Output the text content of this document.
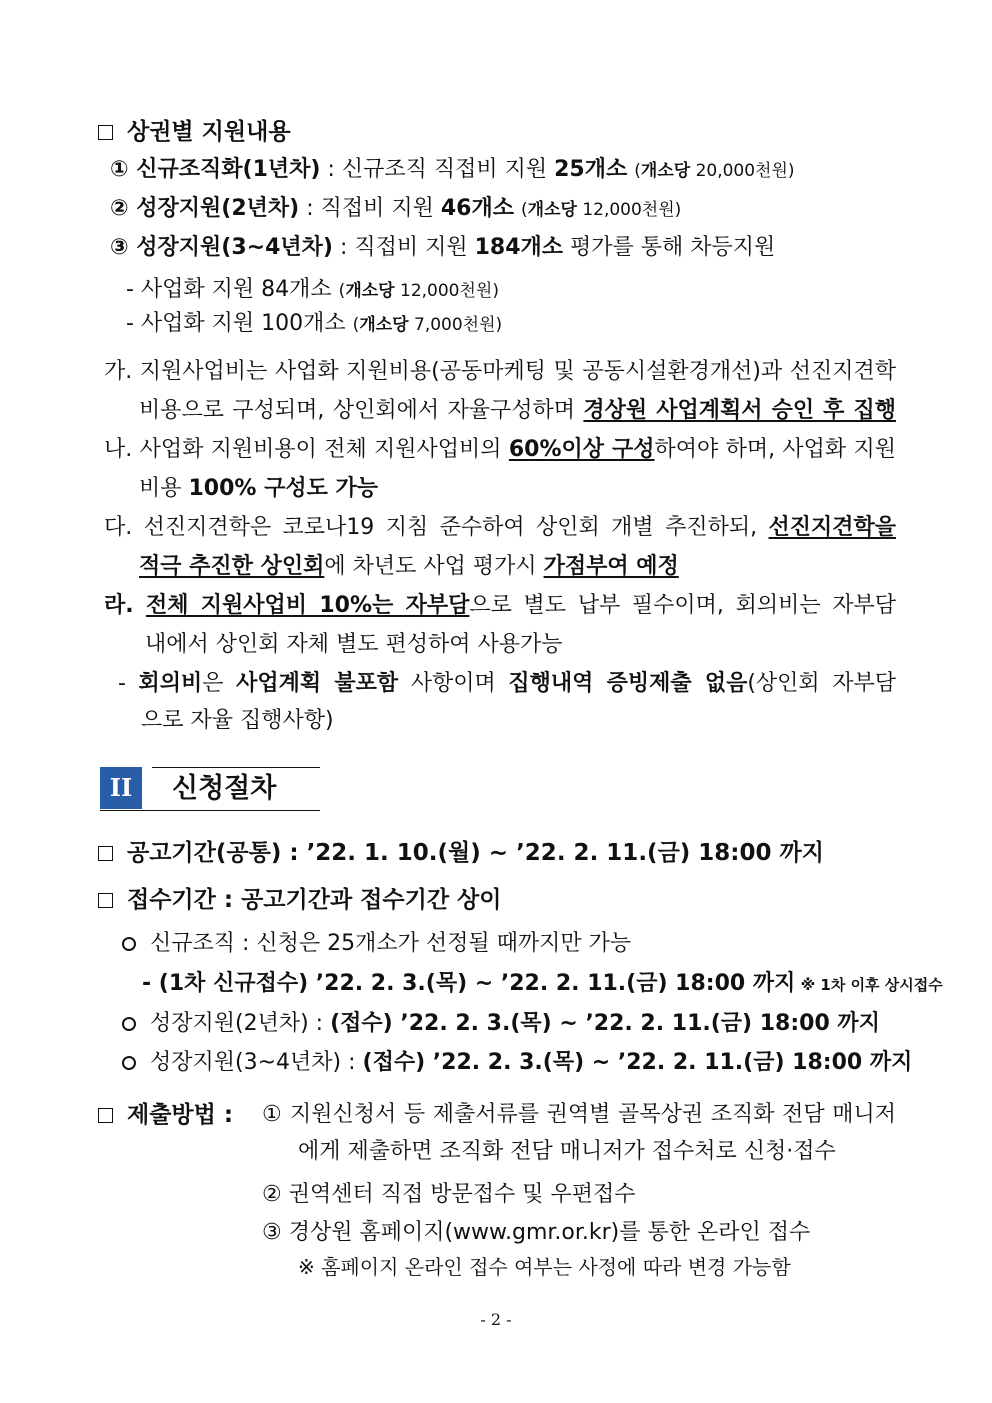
상권별 지원내용
① 신규조직화(1년차) : 신규조직 직접비 지원 25개소 (개소당 20,000천원)
② 성장지원(2년차) : 직접비 지원 46개소 (개소당 12,000천원)
③ 성장지원(3~4년차) : 직접비 지원 184개소 평가를 통해 차등지원
- 사업화 지원 84개소 (개소당 12,000천원)
- 사업화 지원 100개소 (개소당 7,000천원)
가. 지원사업비는 사업화 지원비용(공동마케팅 및 공동시설환경개선)과 선진지견학
비용으로 구성되며, 상인회에서 자율구성하며 경상원 사업계획서 승인 후 집행
나. 사업화 지원비용이 전체 지원사업비의 60%이상 구성하여야 하며, 사업화 지원
비용 100% 구성도 가능
다. 선진지견학은 코로나19 지침 준수하여 상인회 개별 추진하되, 선진지견학을
적극 추진한 상인회에 차년도 사업 평가시 가점부여 예정
라. 전체 지원사업비 10%는 자부담으로 별도 납부 필수이며, 회의비는 자부담
내에서 상인회 자체 별도 편성하여 사용가능
- 회의비은 사업계획 불포함 사항이며 집행내역 증빙제출 없음(상인회 자부담
으로 자율 집행사항)
II	신청절차
공고기간(공통) : ’22. 1. 10.(월) ~ ’22. 2. 11.(금) 18:00 까지
접수기간 : 공고기간과 접수기간 상이
신규조직 : 신청은 25개소가 선정될 때까지만 가능
- (1차 신규접수) ’22. 2. 3.(목) ~ ’22. 2. 11.(금) 18:00 까지 ※ 1차 이후 상시접수
성장지원(2년차) : (접수) ’22. 2. 3.(목) ~ ’22. 2. 11.(금) 18:00 까지
성장지원(3~4년차) : (접수) ’22. 2. 3.(목) ~ ’22. 2. 11.(금) 18:00 까지
제출방법 : ① 지원신청서 등 제출서류를 권역별 골목상권 조직화 전담 매니저
에게 제출하면 조직화 전담 매니저가 접수처로 신청·접수
② 권역센터 직접 방문접수 및 우편접수
③ 경상원 홈페이지(www.gmr.or.kr)를 통한 온라인 접수
※ 홈페이지 온라인 접수 여부는 사정에 따라 변경 가능함
- 2 -
